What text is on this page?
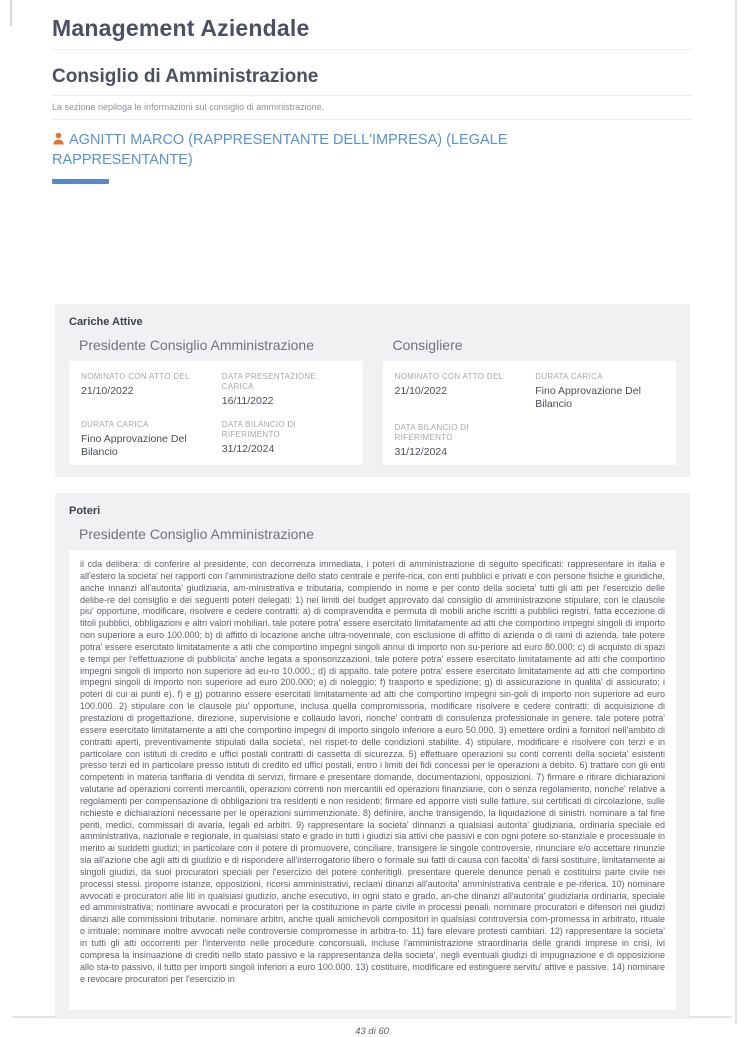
Management Aziendale
Consiglio di Amministrazione

La sezione riepiloga le informazioni sul consiglio di amministrazione.

AGNITTI MARCO (RAPPRESENTANTE DELL'IMPRESA) (LEGALE RAPPRESENTANTE)
Cariche Attive
Presidente Consiglio Amministrazione
NOMINATO CON ATTO DEL
21/10/2022
DATA PRESENTAZIONE CARICA
16/11/2022
DURATA CARICA
Fino Approvazione Del Bilancio
DATA BILANCIO DI RIFERIMENTO
31/12/2024
Consigliere
NOMINATO CON ATTO DEL
21/10/2022
DURATA CARICA
Fino Approvazione Del Bilancio
DATA BILANCIO DI RIFERIMENTO
31/12/2024
Poteri
Presidente Consiglio Amministrazione
il cda delibera: di conferire al presidente, con decorrenza immediata, i poteri di amministrazione di seguito specificati: rappresentare in italia e all'estero la societa' nei rapporti con l'amministrazione dello stato centrale e perife-rica, con enti pubblici e privati e con persone fisiche e giuridiche, anche innanzi all'autorita' giudiziaria, am-ministrativa e tributaria, compiendo in nome e per conto della societa' tutti gli atti per l'esercizio delle delibe-re del consiglio e dei seguenti poteri delegati: 1) nei limiti del budget approvato dal consiglio di amministrazione stipulare, con le clausole piu' opportune, modificare, risolvere e cedere contratti: a) di compravendita e permuta di mobili anche iscritti a pubblici registri, fatta eccezione di titoli pubblici, obbligazioni e altri valori mobiliari. tale potere potra' essere esercitato limitatamente ad atti che comportino impegni singoli di importo non superiore a euro 100.000; b) di affitto di locazione anche ultra-novennale, con esclusione di affitto di azienda o di rami di azienda. tale potere potra' essere esercitato limitatamente a atti che comportino impegni singoli annui di importo non su-periore ad euro 80.000; c) di acquisto di spazi e tempi per l'effettuazione di pubblicita' anche legata a sponsorizzazioni. tale potere potra' essere esercitato limitatamente ad atti che comportino impegni singoli di importo non superiore ad eu-ro 10.000.; d) di appalto. tale potere potra' essere esercitato limitatamente ad atti che comportino impegni singoli di importo non superiore ad euro 200.000; e) di noleggio; f) trasporto e spedizione; g) di assicurazione in qualita' di assicurato; i poteri di cui ai punti e), f) e g) potranno essere esercitati limitatamente ad atti che comportino impegni sin-goli di importo non superiore ad euro 100.000. 2) stipulare con le clausole piu' opportune, inclusa quella compromissoria, modificare risolvere e cedere contratti: di acquisizione di prestazioni di progettazione, direzione, supervisione e collaudo lavori, nonche' contratti di consulenza professionale in genere. tale potere potra' essere esercitato limitatamente a atti che comportino impegni di importo singolo inferiore a euro 50.000. 3) emettere ordini a fornitori nell'ambito di contratti aperti, preventivamente stipulati dalla societa', nel rispet-to delle condizioni stabilite. 4) stipulare, modificare e risolvere con terzi e in particolare con istituti di credito e uffici postali contratti di cassetta di sicurezza. 5) effettuare operazioni su conti correnti della societa' esistenti presso terzi ed in particolare presso istituti di credito ed uffici postali, entro i limiti dei fidi concessi per le operazioni a debito. 6) trattare con gli enti competenti in materia tariffaria di vendita di servizi, firmare e presentare domande, documentazioni, opposizioni. 7) firmare e ritirare dichiarazioni valutarie ad operazioni correnti mercantili, operazioni correnti non mercantili ed operazioni finanziarie, con o senza regolamento, nonche' relative a regolamenti per compensazione di obbligazioni tra residenti e non residenti; firmare ed apporre visti sulle fatture, sui certificati di circolazione, sulle richieste e dichiarazioni necessarie per le operazioni summenzionate. 8) definire, anche transigendo, la liquidazione di sinistri. nominare a tal fine periti, medici, commissari di avaria, legali ed arbitri. 9) rappresentare la societa' dinnanzi a qualsiasi autorita' giudiziaria, ordinaria speciale ed amministrativa, nazionale e regionale, in qualsiasi stato e grado in tutti i giudizi sia attivi che passivi e con ogni potere so-stanziale e processuale in merito ai suddetti giudizi; in particolare con il potere di promuovere, conciliare, transigere le singole controversie, rinunciare e/o accettare rinunzie sia all'azione che agli atti di giudizio e di rispondere all'interrogatorio libero o formale sui fatti di causa con facolta' di farsi sostituire, limitatamente ai singoli giudizi, da suoi procuratori speciali per l'esercizio del potere conferitigli. presentare querele denunce penali e costituirsi parte civile nei processi stessi. proporre istanze, opposizioni, ricorsi amministrativi, reclami dinanzi all'autorita' amministrativa centrale e pe-riferica. 10) nominare avvocati e procuratori alle liti in qualsiasi giudizio, anche esecutivo, in ogni stato e grado, an-che dinanzi all'autorita' giudiziaria ordinaria, speciale ed amministrativa; nominare avvocati e procuratori per la costituzione in parte civile in processi penali. nominare procuratori e difensori nei giudizi dinanzi alle commissioni tributarie. nominare arbitri, anche quali amichevoli compositori in qualsiasi controversia com-promessa in arbitrato, rituale o irrituale; nominare inoltre avvocati nelle controversie compromesse in arbitra-to. 11) fare elevare protesti cambiari. 12) rappresentare la societa' in tutti gli atti occorrenti per l'intervento nelle procedure concorsuali, incluse l'amministrazione straordinaria delle grandi imprese in crisi, ivi compresa la insinuazione di crediti nello stato passivo e la rappresentanza della societa', negli eventuali giudizi di impugnazione e di opposizione allo sta-to passivo, il tutto per importi singoli inferiori a euro 100.000. 13) costituire, modificare ed estinguere servitu' attive e passive. 14) nominare e revocare procuratori per l'esercizio in
43 di 60
